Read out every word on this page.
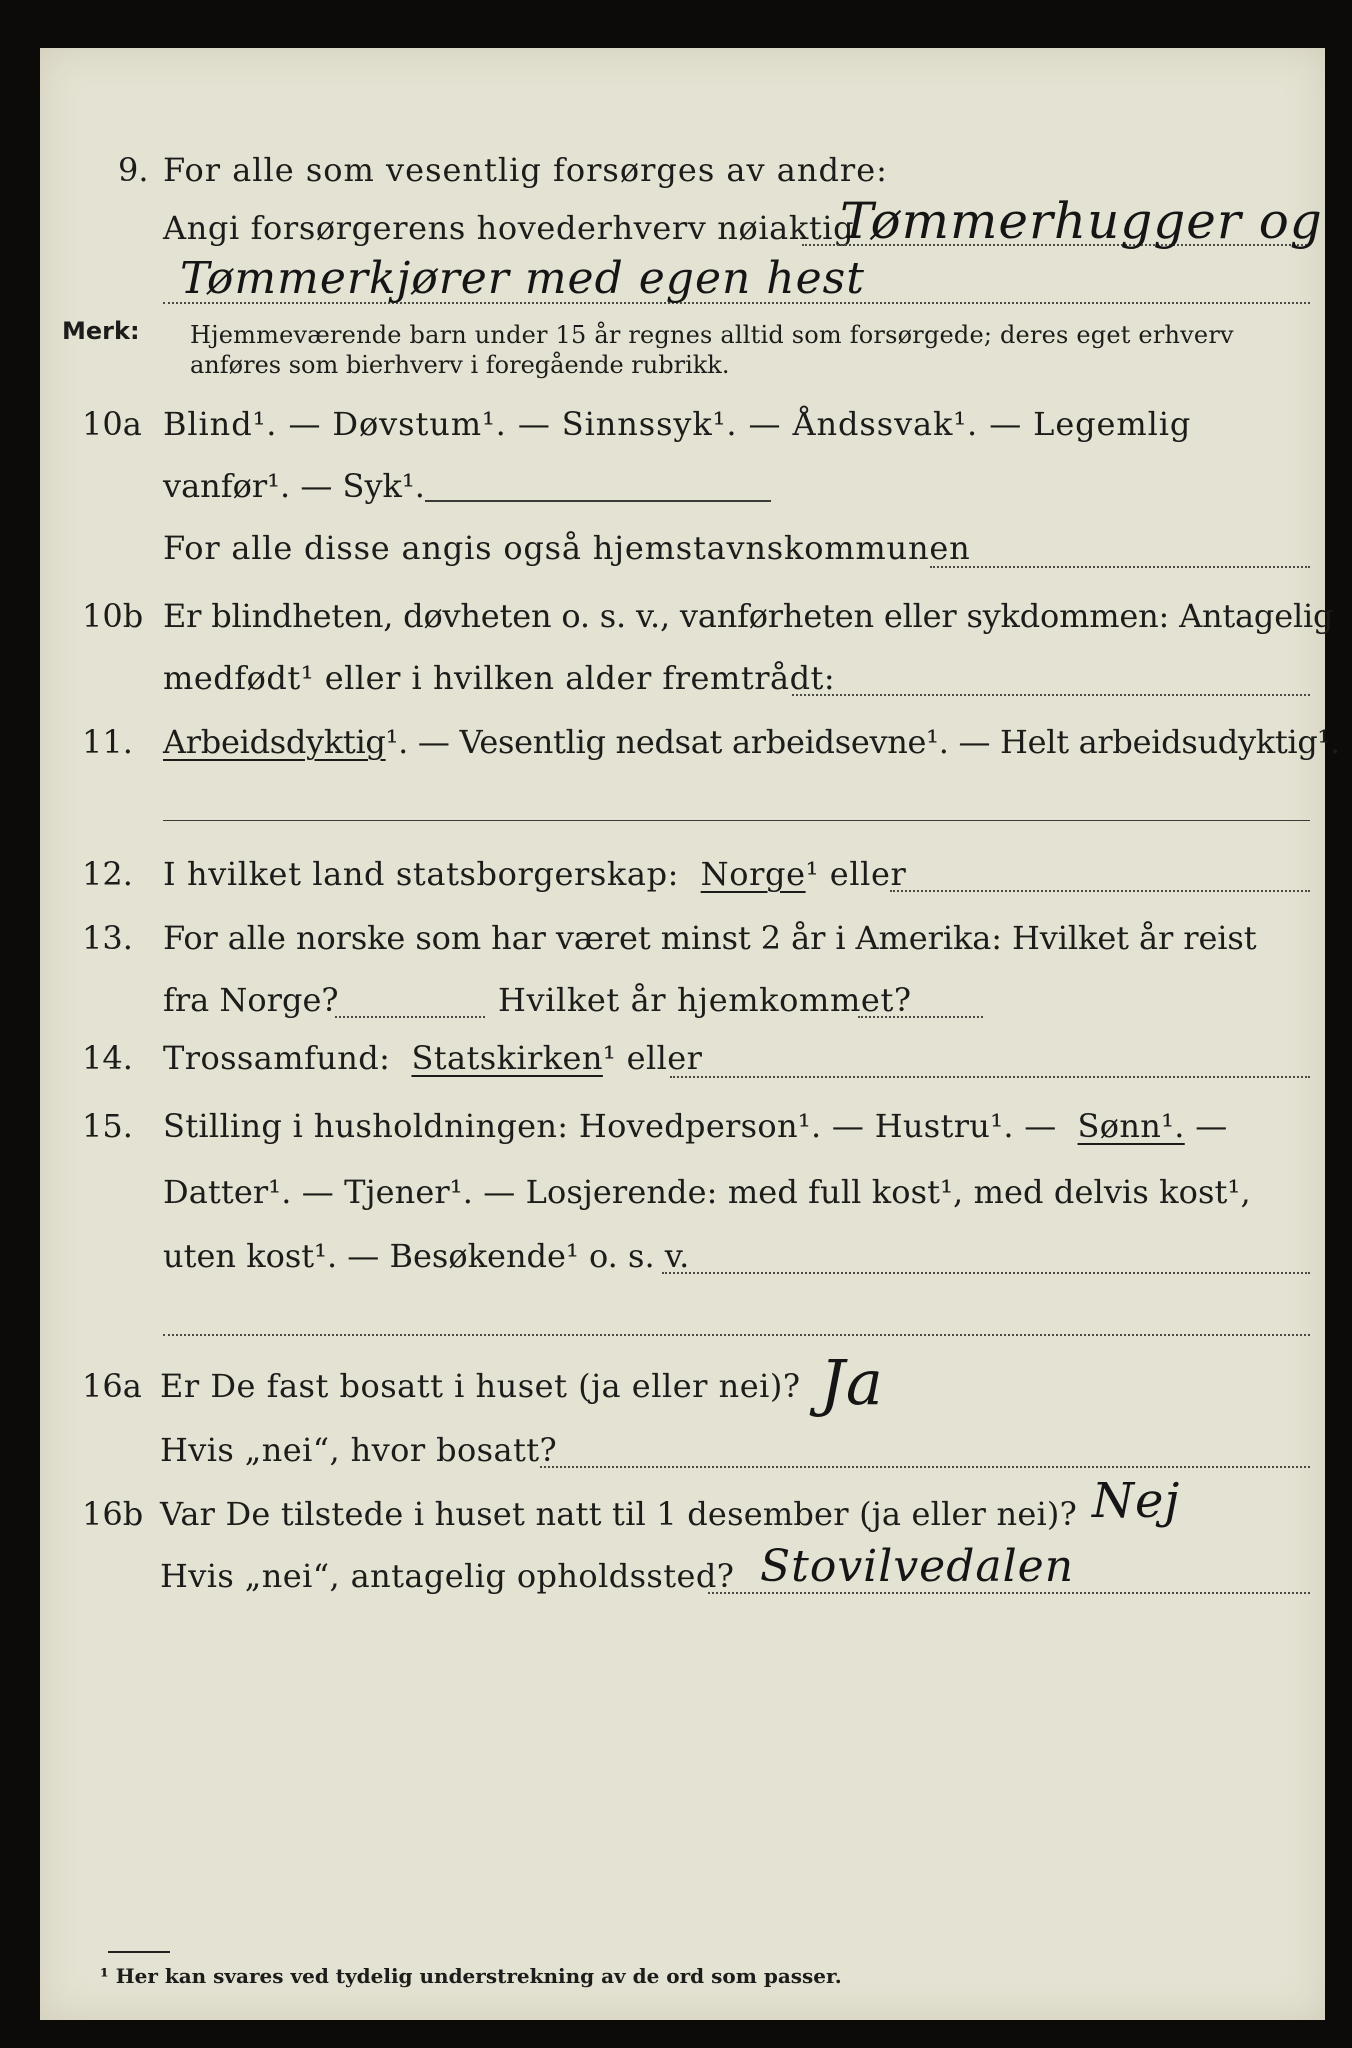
9. For alle som vesentlig forsørges av andre:
Angi forsørgerens hovederhverv nøiaktig
Tømmerhugger og
Tømmerkjører med egen hest
Merk: Hjemmeværende barn under 15 år regnes alltid som forsørgede; deres eget erhverv
anføres som bierhverv i foregående rubrikk.
10a Blind¹. — Døvstum¹. — Sinnssyk¹. — Åndssvak¹. — Legemlig
vanfør¹. — Syk¹.
For alle disse angis også hjemstavnskommunen
10b Er blindheten, døvheten o. s. v., vanførheten eller sykdommen: Antagelig
medfødt¹ eller i hvilken alder fremtrådt:
11. Arbeidsdyktig¹. — Vesentlig nedsat arbeidsevne¹. — Helt arbeidsudyktig¹.
12. I hvilket land statsborgerskap: Norge¹ eller
13. For alle norske som har været minst 2 år i Amerika: Hvilket år reist
fra Norge?	Hvilket år hjemkommet?
14. Trossamfund: Statskirken¹ eller
15. Stilling i husholdningen: Hovedperson¹. — Hustru¹. — Sønn¹. —
Datter¹. — Tjener¹. — Losjerende: med full kost¹, med delvis kost¹,
uten kost¹. — Besøkende¹ o. s. v.
16a Er De fast bosatt i huset (ja eller nei)? Ja
Hvis „nei“, hvor bosatt?
16b Var De tilstede i huset natt til 1 desember (ja eller nei)? Nej
Hvis „nei“, antagelig opholdssted? Stovilvedalen
¹ Her kan svares ved tydelig understrekning av de ord som passer.
